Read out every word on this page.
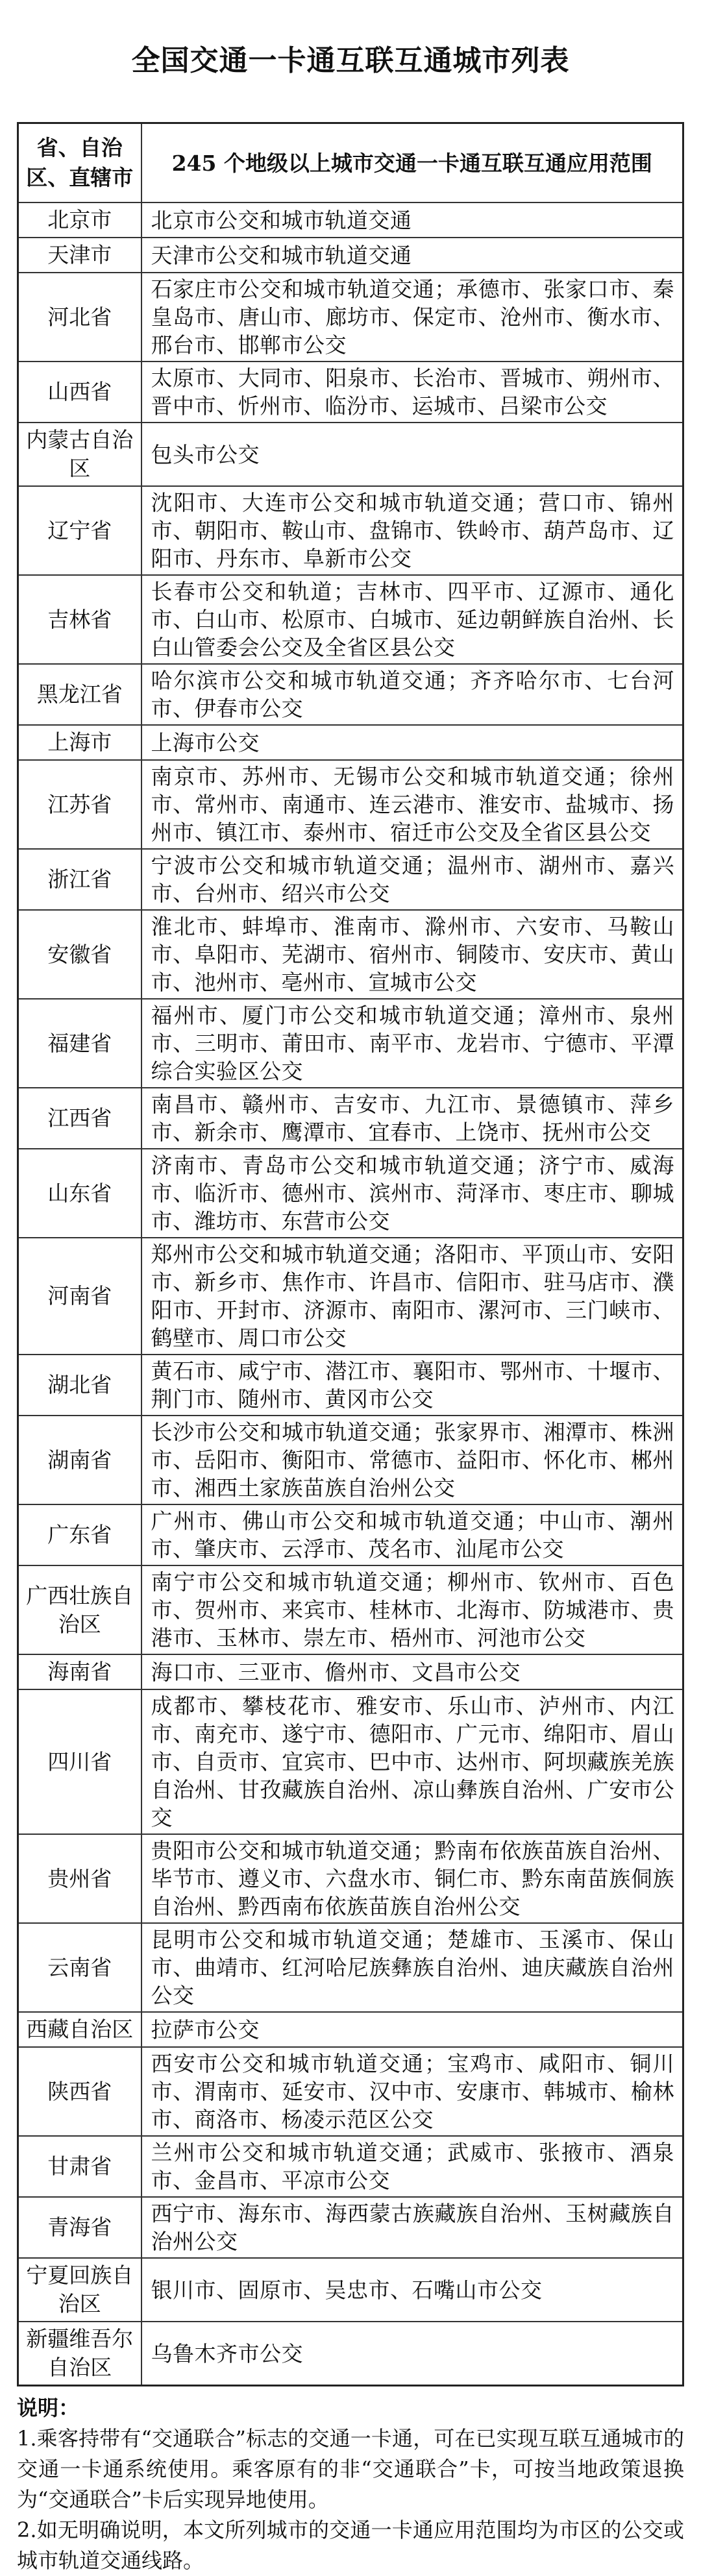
全国交通一卡通互联互通城市列表
省、自治区、直辖市	245 个地级以上城市交通一卡通互联互通应用范围
北京市	北京市公交和城市轨道交通
天津市	天津市公交和城市轨道交通
河北省	石家庄市公交和城市轨道交通；承德市、张家口市、秦皇岛市、唐山市、廊坊市、保定市、沧州市、衡水市、邢台市、邯郸市公交
山西省	太原市、大同市、阳泉市、长治市、晋城市、朔州市、晋中市、忻州市、临汾市、运城市、吕梁市公交
内蒙古自治区	包头市公交
辽宁省	沈阳市、大连市公交和城市轨道交通；营口市、锦州市、朝阳市、鞍山市、盘锦市、铁岭市、葫芦岛市、辽阳市、丹东市、阜新市公交
吉林省	长春市公交和轨道；吉林市、四平市、辽源市、通化市、白山市、松原市、白城市、延边朝鲜族自治州、长白山管委会公交及全省区县公交
黑龙江省	哈尔滨市公交和城市轨道交通；齐齐哈尔市、七台河市、伊春市公交
上海市	上海市公交
江苏省	南京市、苏州市、无锡市公交和城市轨道交通；徐州市、常州市、南通市、连云港市、淮安市、盐城市、扬州市、镇江市、泰州市、宿迁市公交及全省区县公交
浙江省	宁波市公交和城市轨道交通；温州市、湖州市、嘉兴市、台州市、绍兴市公交
安徽省	淮北市、蚌埠市、淮南市、滁州市、六安市、马鞍山市、阜阳市、芜湖市、宿州市、铜陵市、安庆市、黄山市、池州市、亳州市、宣城市公交
福建省	福州市、厦门市公交和城市轨道交通；漳州市、泉州市、三明市、莆田市、南平市、龙岩市、宁德市、平潭综合实验区公交
江西省	南昌市、赣州市、吉安市、九江市、景德镇市、萍乡市、新余市、鹰潭市、宜春市、上饶市、抚州市公交
山东省	济南市、青岛市公交和城市轨道交通；济宁市、威海市、临沂市、德州市、滨州市、菏泽市、枣庄市、聊城市、潍坊市、东营市公交
河南省	郑州市公交和城市轨道交通；洛阳市、平顶山市、安阳市、新乡市、焦作市、许昌市、信阳市、驻马店市、濮阳市、开封市、济源市、南阳市、漯河市、三门峡市、鹤壁市、周口市公交
湖北省	黄石市、咸宁市、潜江市、襄阳市、鄂州市、十堰市、荆门市、随州市、黄冈市公交
湖南省	长沙市公交和城市轨道交通；张家界市、湘潭市、株洲市、岳阳市、衡阳市、常德市、益阳市、怀化市、郴州市、湘西土家族苗族自治州公交
广东省	广州市、佛山市公交和城市轨道交通；中山市、潮州市、肇庆市、云浮市、茂名市、汕尾市公交
广西壮族自治区	南宁市公交和城市轨道交通；柳州市、钦州市、百色市、贺州市、来宾市、桂林市、北海市、防城港市、贵港市、玉林市、崇左市、梧州市、河池市公交
海南省	海口市、三亚市、儋州市、文昌市公交
四川省	成都市、攀枝花市、雅安市、乐山市、泸州市、内江市、南充市、遂宁市、德阳市、广元市、绵阳市、眉山市、自贡市、宜宾市、巴中市、达州市、阿坝藏族羌族自治州、甘孜藏族自治州、凉山彝族自治州、广安市公交
贵州省	贵阳市公交和城市轨道交通；黔南布依族苗族自治州、毕节市、遵义市、六盘水市、铜仁市、黔东南苗族侗族自治州、黔西南布依族苗族自治州公交
云南省	昆明市公交和城市轨道交通；楚雄市、玉溪市、保山市、曲靖市、红河哈尼族彝族自治州、迪庆藏族自治州公交
西藏自治区	拉萨市公交
陕西省	西安市公交和城市轨道交通；宝鸡市、咸阳市、铜川市、渭南市、延安市、汉中市、安康市、韩城市、榆林市、商洛市、杨凌示范区公交
甘肃省	兰州市公交和城市轨道交通；武威市、张掖市、酒泉市、金昌市、平凉市公交
青海省	西宁市、海东市、海西蒙古族藏族自治州、玉树藏族自治州公交
宁夏回族自治区	银川市、固原市、吴忠市、石嘴山市公交
新疆维吾尔自治区	乌鲁木齐市公交
说明：

1.乘客持带有“交通联合”标志的交通一卡通，可在已实现互联互通城市的交通一卡通系统使用。乘客原有的非“交通联合”卡，可按当地政策退换为“交通联合”卡后实现异地使用。

2.如无明确说明，本文所列城市的交通一卡通应用范围均为市区的公交或城市轨道交通线路。
